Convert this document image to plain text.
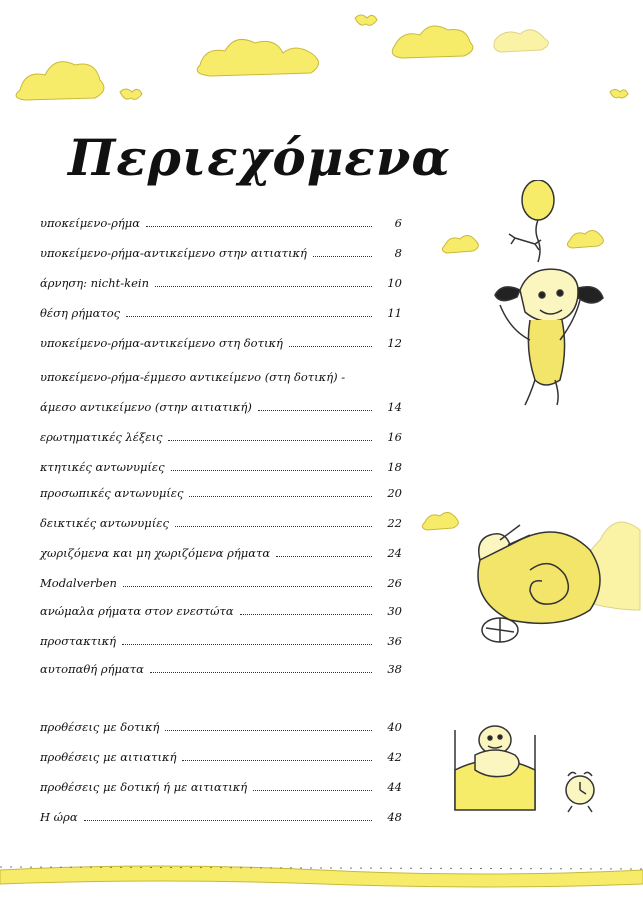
Περιεχόμενα
υποκείμενο-ρήμα	6
υποκείμενο-ρήμα-αντικείμενο στην αιτιατική	8
άρνηση: nicht-kein	10
θέση ρήματος	11
υποκείμενο-ρήμα-αντικείμενο στη δοτική	12
υποκείμενο-ρήμα-έμμεσο αντικείμενο (στη δοτική) -
άμεσο αντικείμενο (στην αιτιατική)	14
ερωτηματικές λέξεις	16
κτητικές αντωνυμίες	18
προσωπικές αντωνυμίες	20
δεικτικές αντωνυμίες	22
χωριζόμενα και μη χωριζόμενα ρήματα	24
Modalverben	26
ανώμαλα ρήματα στον ενεστώτα	30
προστακτική	36
αυτοπαθή ρήματα	38
προθέσεις με δοτική	40
προθέσεις με αιτιατική	42
προθέσεις με δοτική ή με αιτιατική	44
Η ώρα	48
